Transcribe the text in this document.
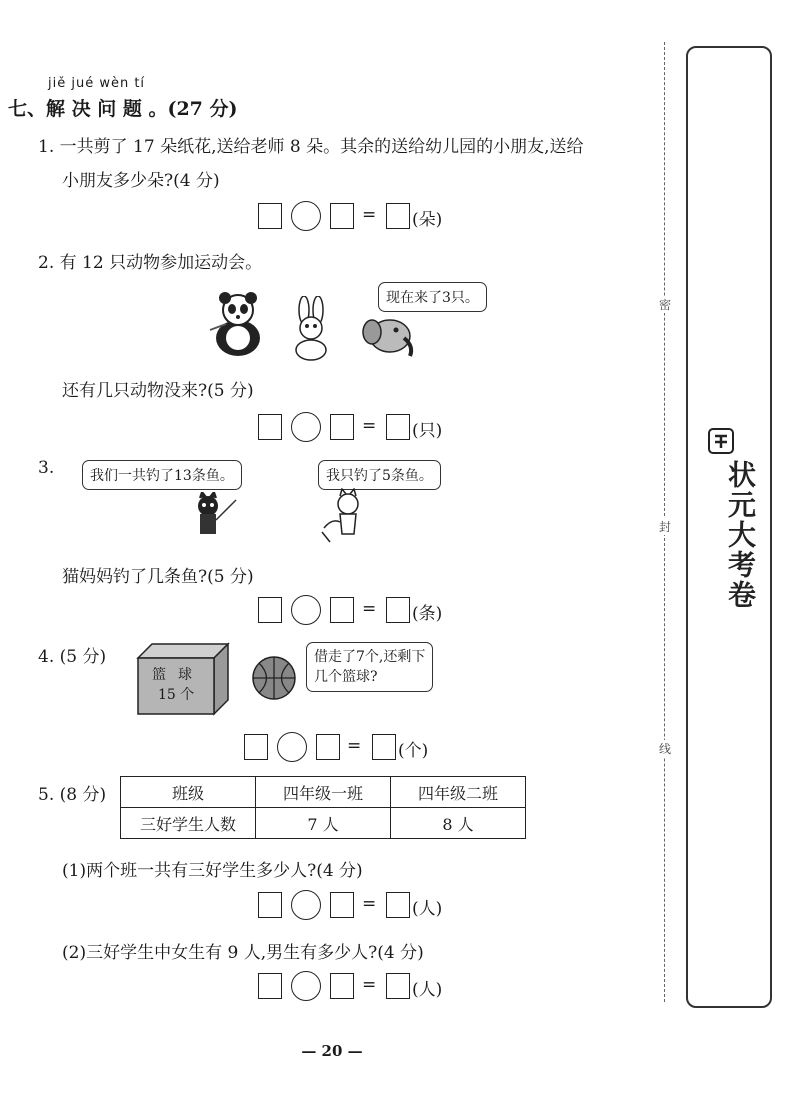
jiě jué wèn tí
七、解 决 问 题 。(27 分)
1. 一共剪了 17 朵纸花,送给老师 8 朵。其余的送给幼儿园的小朋友,送给
小朋友多少朵?(4 分)
= (朵)
2. 有 12 只动物参加运动会。
现在来了3只。
还有几只动物没来?(5 分)
= (只)
3.	我们一共钓了13条鱼。	我只钓了5条鱼。
猫妈妈钓了几条鱼?(5 分)
= (条)
4. (5 分)
篮 球
15 个
借走了7个,还剩下
几个篮球?
= (个)
5. (8 分)	班级	四年级一班	四年级二班
三好学生人数	7 人	8 人
(1)两个班一共有三好学生多少人?(4 分)
= (人)
(2)三好学生中女生有 9 人,男生有多少人?(4 分)
= (人)
— 20 —
密
封
线
状元大考卷
